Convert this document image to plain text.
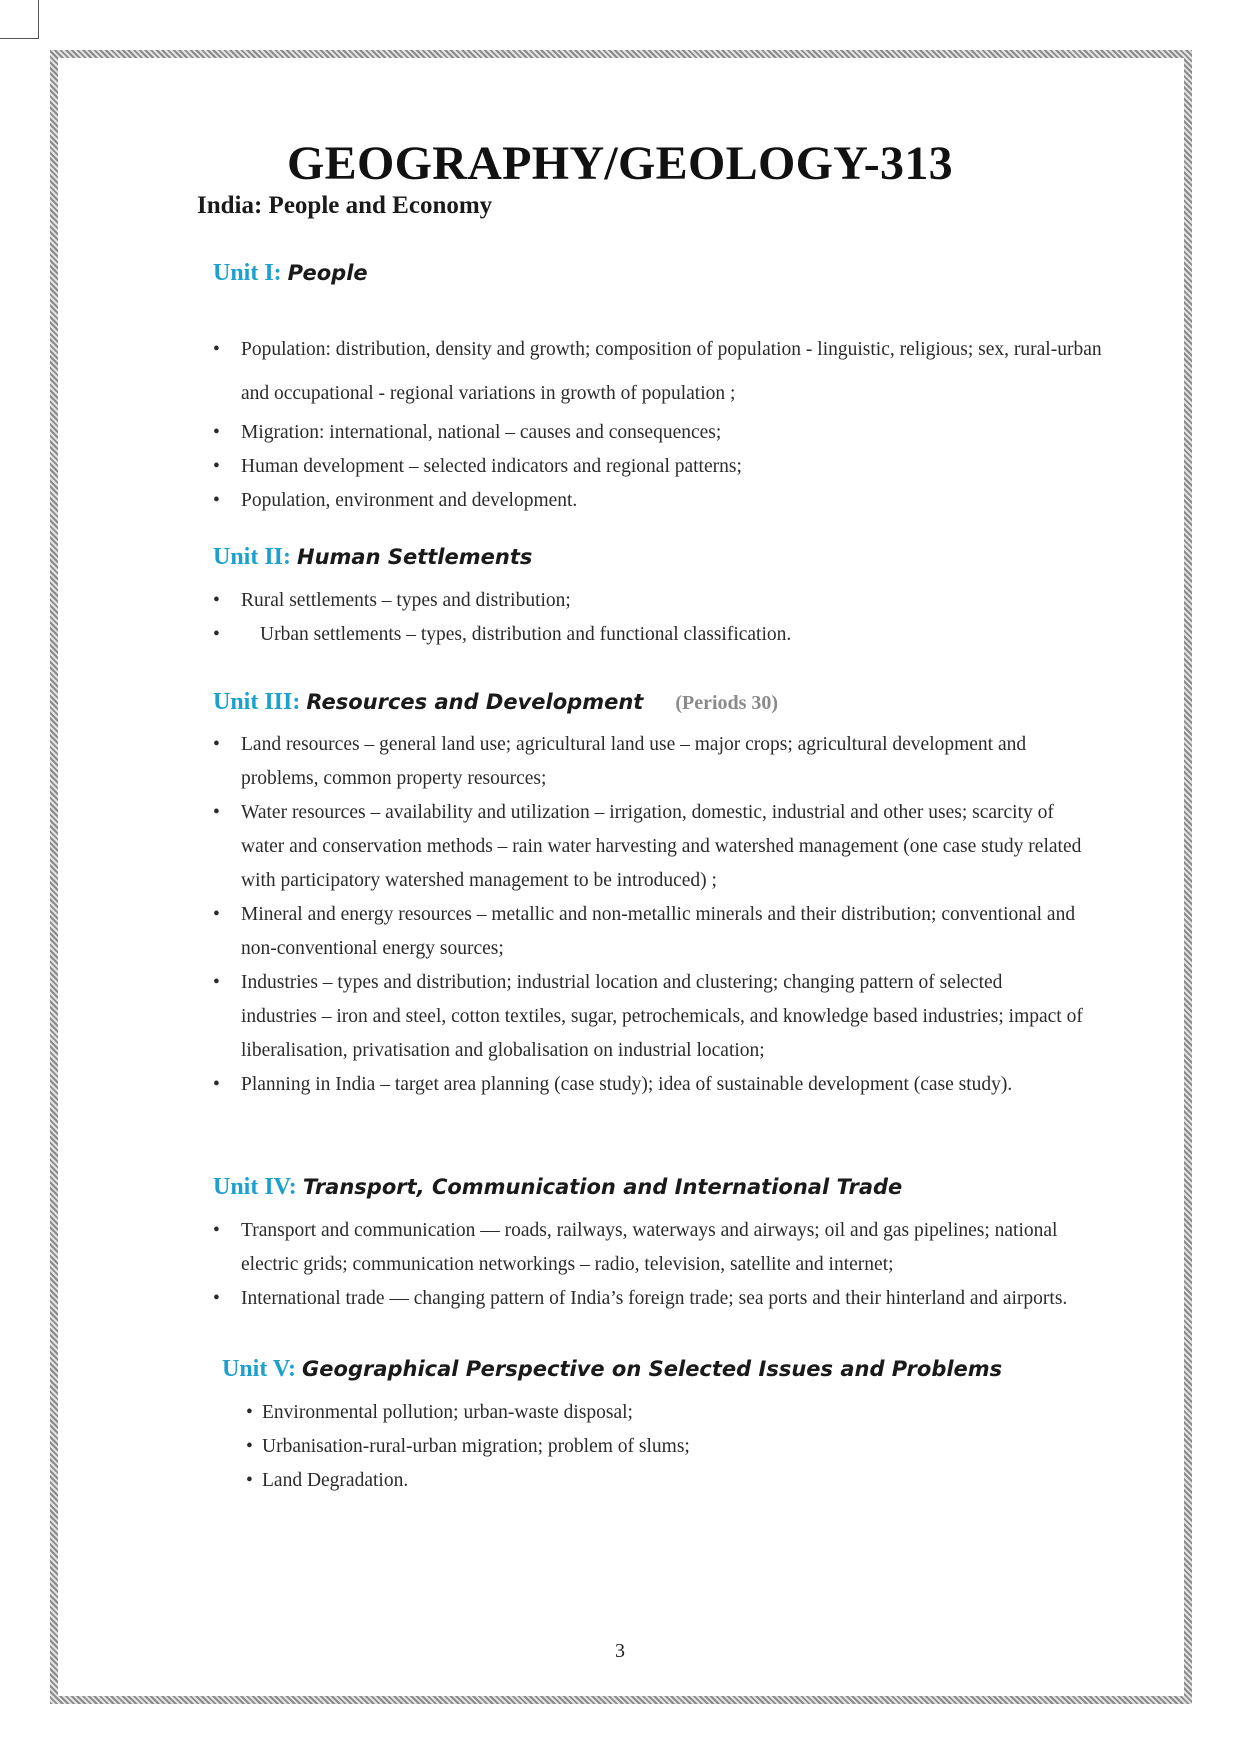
GEOGRAPHY/GEOLOGY-313
India: People and Economy
Unit I: People
• Population: distribution, density and growth; composition of population - linguistic, religious; sex, rural-urban and occupational - regional variations in growth of population ;
• Migration: international, national – causes and consequences;
• Human development – selected indicators and regional patterns;
• Population, environment and development.
Unit II: Human Settlements
• Rural settlements – types and distribution;
• Urban settlements – types, distribution and functional classification.
Unit III: Resources and Development (Periods 30)
• Land resources – general land use; agricultural land use – major crops; agricultural development and problems, common property resources;
• Water resources – availability and utilization – irrigation, domestic, industrial and other uses; scarcity of water and conservation methods – rain water harvesting and watershed management (one case study related with participatory watershed management to be introduced) ;
• Mineral and energy resources – metallic and non-metallic minerals and their distribution; conventional and non-conventional energy sources;
• Industries – types and distribution; industrial location and clustering; changing pattern of selected industries – iron and steel, cotton textiles, sugar, petrochemicals, and knowledge based industries; impact of liberalisation, privatisation and globalisation on industrial location;
• Planning in India – target area planning (case study); idea of sustainable development (case study).
Unit IV: Transport, Communication and International Trade
• Transport and communication — roads, railways, waterways and airways; oil and gas pipelines; national electric grids; communication networkings – radio, television, satellite and internet;
• International trade — changing pattern of India’s foreign trade; sea ports and their hinterland and airports.
Unit V: Geographical Perspective on Selected Issues and Problems
• Environmental pollution; urban-waste disposal;
• Urbanisation-rural-urban migration; problem of slums;
• Land Degradation.
3
